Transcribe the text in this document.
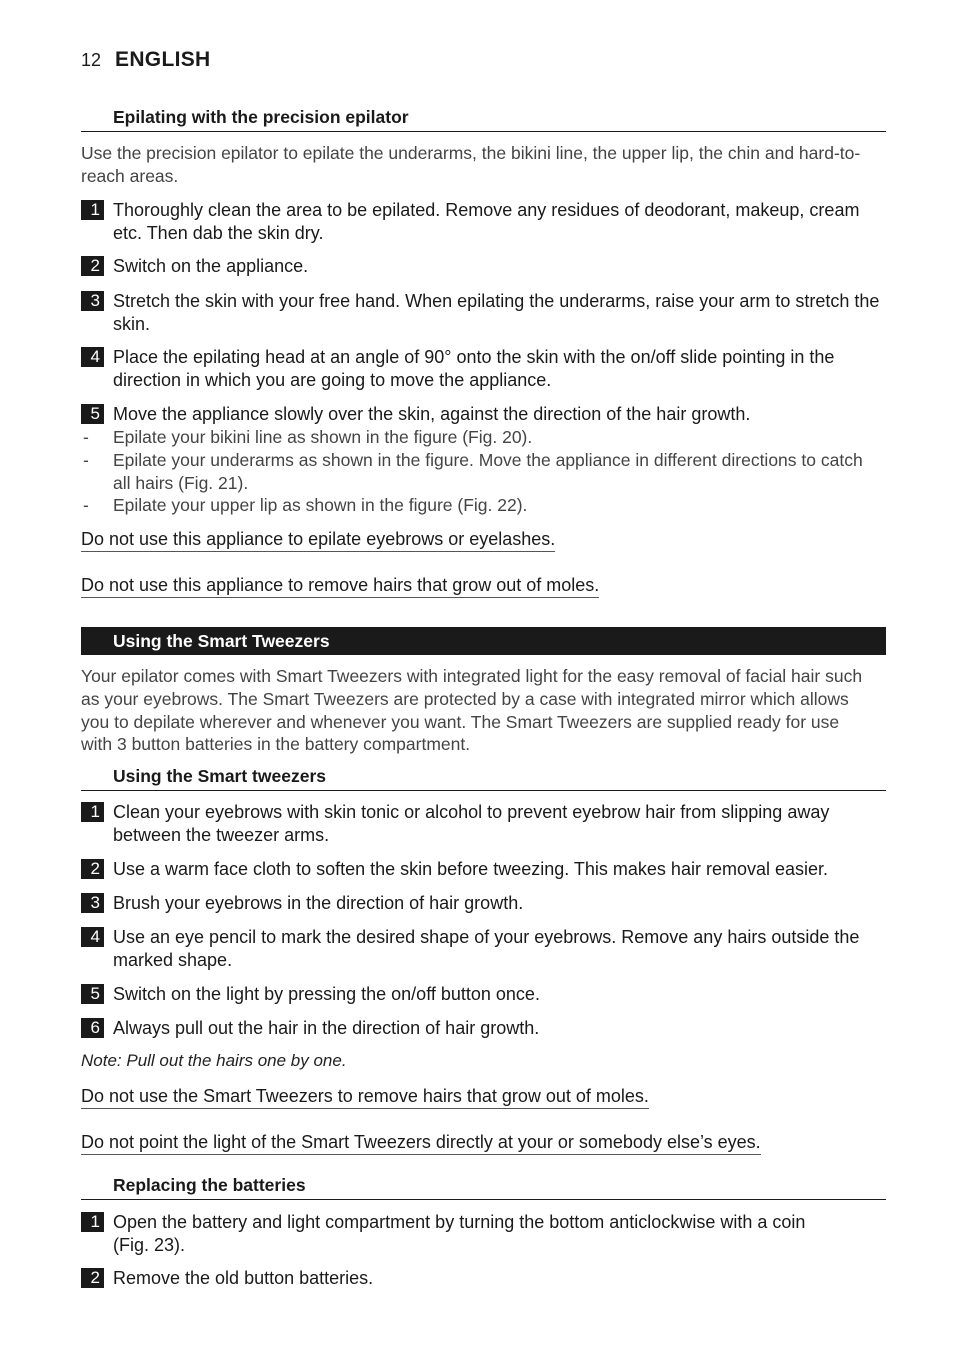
12 ENGLISH
Epilating with the precision epilator
Use the precision epilator to epilate the underarms, the bikini line, the upper lip, the chin and hard-to-reach areas.
1 Thoroughly clean the area to be epilated. Remove any residues of deodorant, makeup, cream etc. Then dab the skin dry.
2 Switch on the appliance.
3 Stretch the skin with your free hand. When epilating the underarms, raise your arm to stretch the skin.
4 Place the epilating head at an angle of 90° onto the skin with the on/off slide pointing in the direction in which you are going to move the appliance.
5 Move the appliance slowly over the skin, against the direction of the hair growth.
- Epilate your bikini line as shown in the figure (Fig. 20).
- Epilate your underarms as shown in the figure. Move the appliance in different directions to catch all hairs (Fig. 21).
- Epilate your upper lip as shown in the figure (Fig. 22).
Do not use this appliance to epilate eyebrows or eyelashes.
Do not use this appliance to remove hairs that grow out of moles.
Using the Smart Tweezers
Your epilator comes with Smart Tweezers with integrated light for the easy removal of facial hair such as your eyebrows. The Smart Tweezers are protected by a case with integrated mirror which allows you to depilate wherever and whenever you want. The Smart Tweezers are supplied ready for use with 3 button batteries in the battery compartment.
Using the Smart tweezers
1 Clean your eyebrows with skin tonic or alcohol to prevent eyebrow hair from slipping away between the tweezer arms.
2 Use a warm face cloth to soften the skin before tweezing. This makes hair removal easier.
3 Brush your eyebrows in the direction of hair growth.
4 Use an eye pencil to mark the desired shape of your eyebrows. Remove any hairs outside the marked shape.
5 Switch on the light by pressing the on/off button once.
6 Always pull out the hair in the direction of hair growth.
Note: Pull out the hairs one by one.
Do not use the Smart Tweezers to remove hairs that grow out of moles.
Do not point the light of the Smart Tweezers directly at your or somebody else’s eyes.
Replacing the batteries
1 Open the battery and light compartment by turning the bottom anticlockwise with a coin (Fig. 23).
2 Remove the old button batteries.
